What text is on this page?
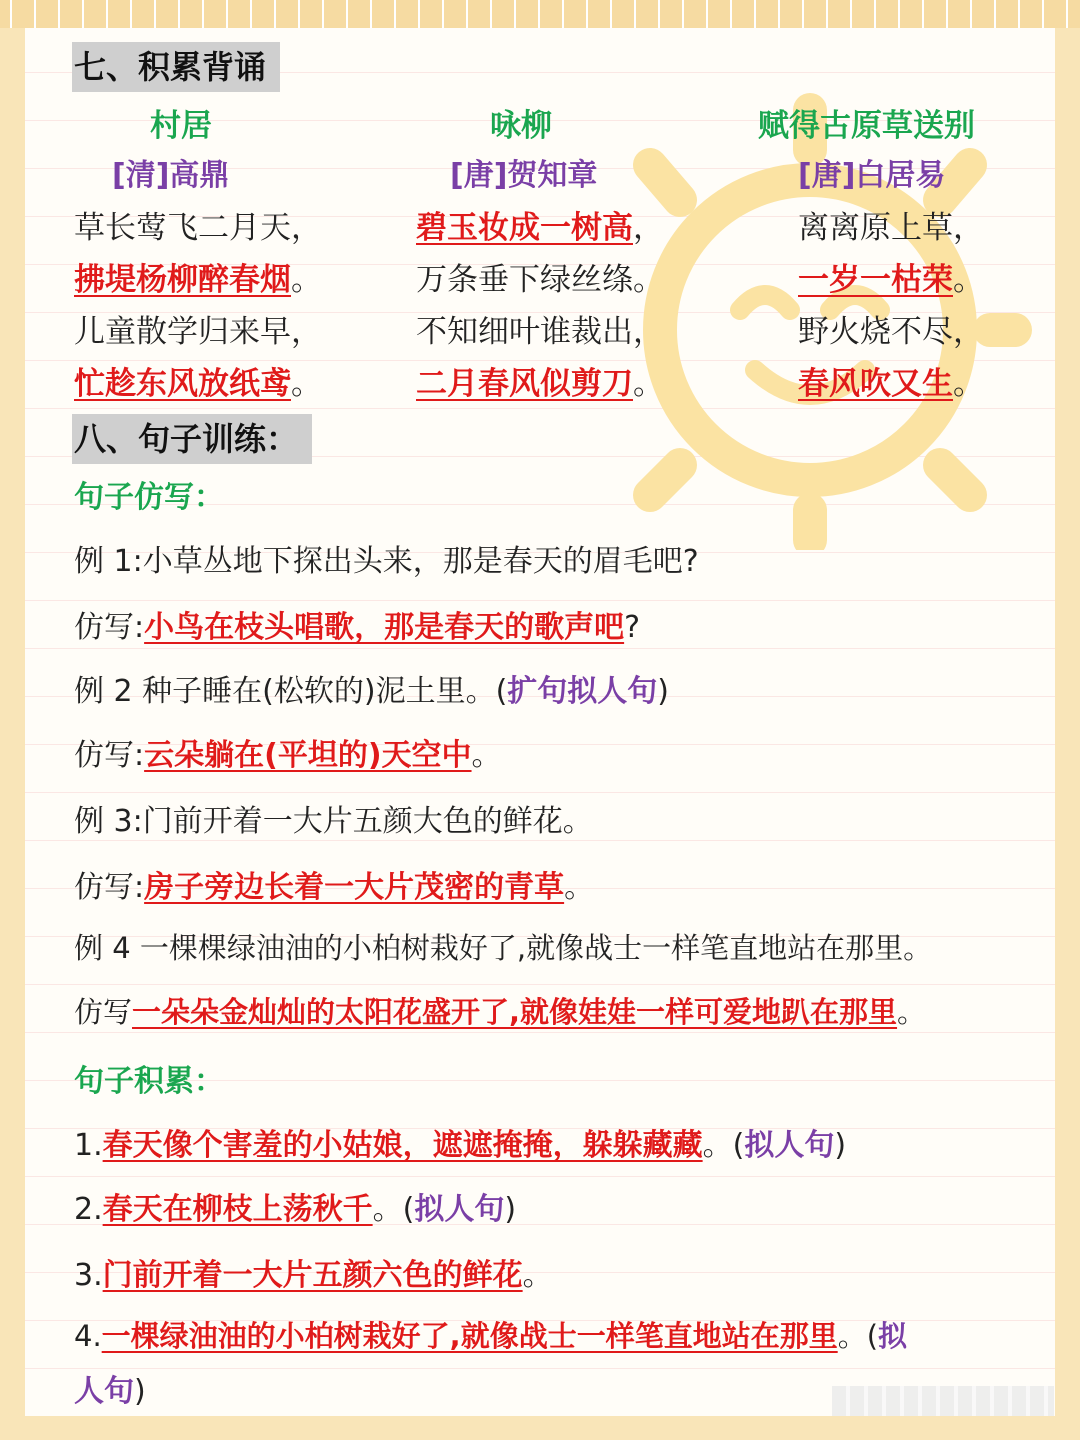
七、积累背诵
村居
[清]高鼎
草长莺飞二月天，
拂堤杨柳醉春烟。
儿童散学归来早，
忙趁东风放纸鸢。
咏柳
[唐]贺知章
碧玉妆成一树高，
万条垂下绿丝绦。
不知细叶谁裁出，
二月春风似剪刀。
赋得古原草送别
[唐]白居易
离离原上草，
一岁一枯荣。
野火烧不尽，
春风吹又生。
八、句子训练：
句子仿写：
例 1:小草丛地下探出头来，那是春天的眉毛吧?
仿写:小鸟在枝头唱歌，那是春天的歌声吧?
例 2 种子睡在(松软的)泥土里。(扩句拟人句)
仿写:云朵躺在(平坦的)天空中。
例 3:门前开着一大片五颜大色的鲜花。
仿写:房子旁边长着一大片茂密的青草。
例 4 一棵棵绿油油的小柏树栽好了,就像战士一样笔直地站在那里。
仿写一朵朵金灿灿的太阳花盛开了,就像娃娃一样可爱地趴在那里。
句子积累：
1.春天像个害羞的小姑娘，遮遮掩掩，躲躲藏藏。(拟人句)
2.春天在柳枝上荡秋千。(拟人句)
3.门前开着一大片五颜六色的鲜花。
4.一棵绿油油的小柏树栽好了,就像战士一样笔直地站在那里。(拟
人句)
